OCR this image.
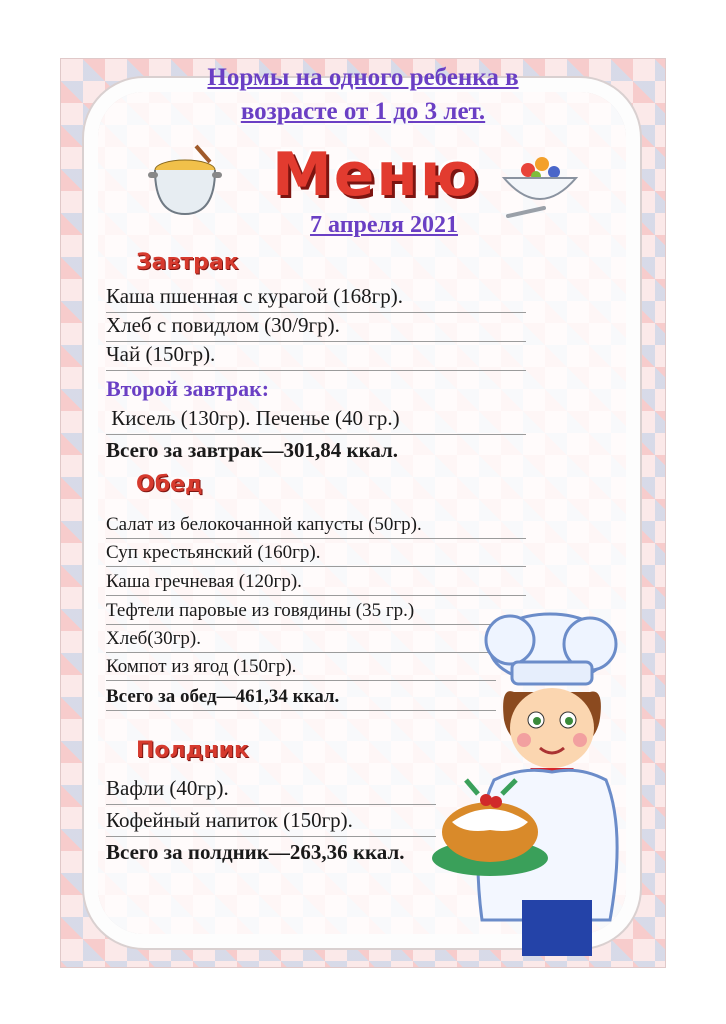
Нормы на одного ребенка в
возрасте от 1 до 3 лет.
Меню
7 апреля 2021
Завтрак
Каша пшенная с курагой (168гр).
Хлеб с повидлом (30/9гр).
Чай (150гр).
Второй завтрак:
Кисель (130гр). Печенье (40 гр.)
Всего за завтрак—301,84 ккал.
Обед
Салат из белокочанной капусты (50гр).
Суп крестьянский (160гр).
Каша гречневая (120гр).
Тефтели паровые из говядины (35 гр.)
Хлеб(30гр).
Компот из ягод (150гр).
Всего за обед—461,34 ккал.
Полдник
Вафли (40гр).
Кофейный напиток (150гр).
Всего за полдник—263,36 ккал.
